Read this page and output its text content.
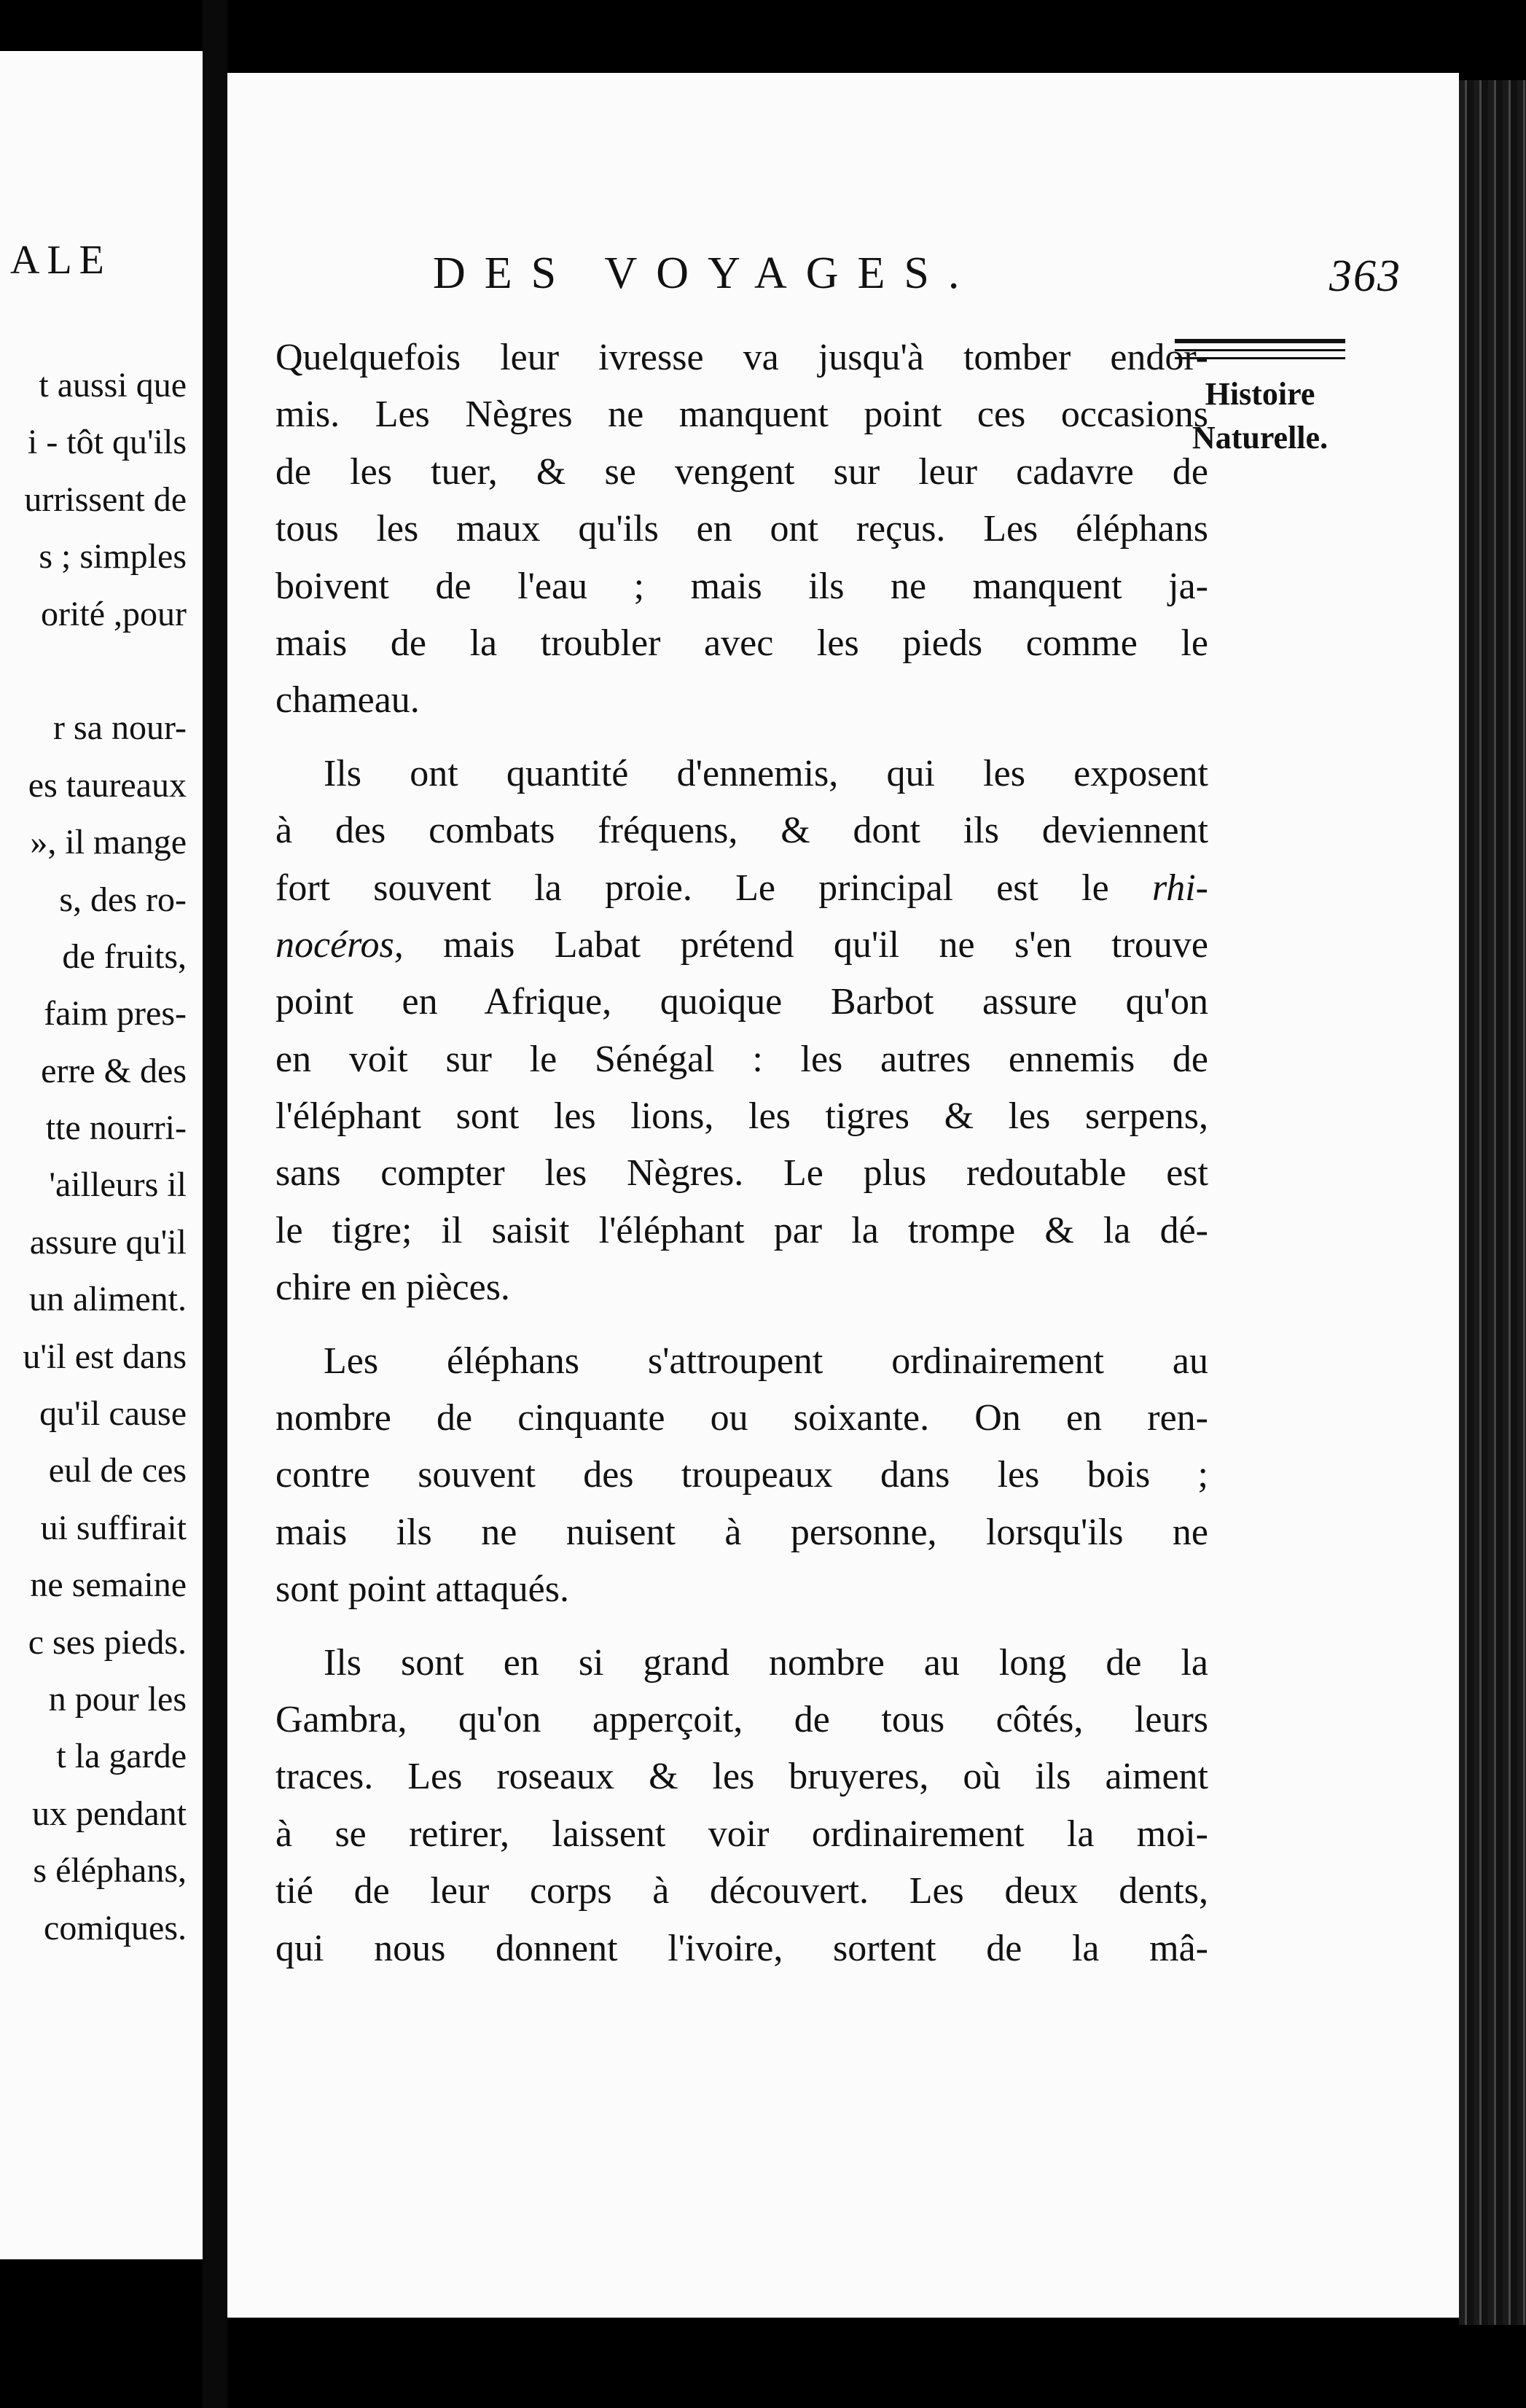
ALE
t aussi que
i - tôt qu'ils
urrissent de
s ; simples
orité ,pour
r sa nour-
es taureaux
», il mange
s, des ro-
de fruits,
faim pres-
erre & des
tte nourri-
'ailleurs il
assure qu'il
un aliment.
u'il est dans
qu'il cause
eul de ces
ui suffirait
ne semaine
c ses pieds.
n pour les
t la garde
ux pendant
s éléphans,
comiques.
DES VOYAGES.	363
Histoire
Naturelle.
Quelquefois leur ivresse va jusqu'à tomber endor-
mis. Les Nègres ne manquent point ces occasions
de les tuer, & se vengent sur leur cadavre de
tous les maux qu'ils en ont reçus. Les éléphans
boivent de l'eau ; mais ils ne manquent ja-
mais de la troubler avec les pieds comme le
chameau.
Ils ont quantité d'ennemis, qui les exposent
à des combats fréquens, & dont ils deviennent
fort souvent la proie. Le principal est le rhi-
nocéros, mais Labat prétend qu'il ne s'en trouve
point en Afrique, quoique Barbot assure qu'on
en voit sur le Sénégal : les autres ennemis de
l'éléphant sont les lions, les tigres & les serpens,
sans compter les Nègres. Le plus redoutable est
le tigre; il saisit l'éléphant par la trompe & la dé-
chire en pièces.
Les éléphans s'attroupent ordinairement au
nombre de cinquante ou soixante. On en ren-
contre souvent des troupeaux dans les bois ;
mais ils ne nuisent à personne, lorsqu'ils ne
sont point attaqués.
Ils sont en si grand nombre au long de la
Gambra, qu'on apperçoit, de tous côtés, leurs
traces. Les roseaux & les bruyeres, où ils aiment
à se retirer, laissent voir ordinairement la moi-
tié de leur corps à découvert. Les deux dents,
qui nous donnent l'ivoire, sortent de la mâ-
